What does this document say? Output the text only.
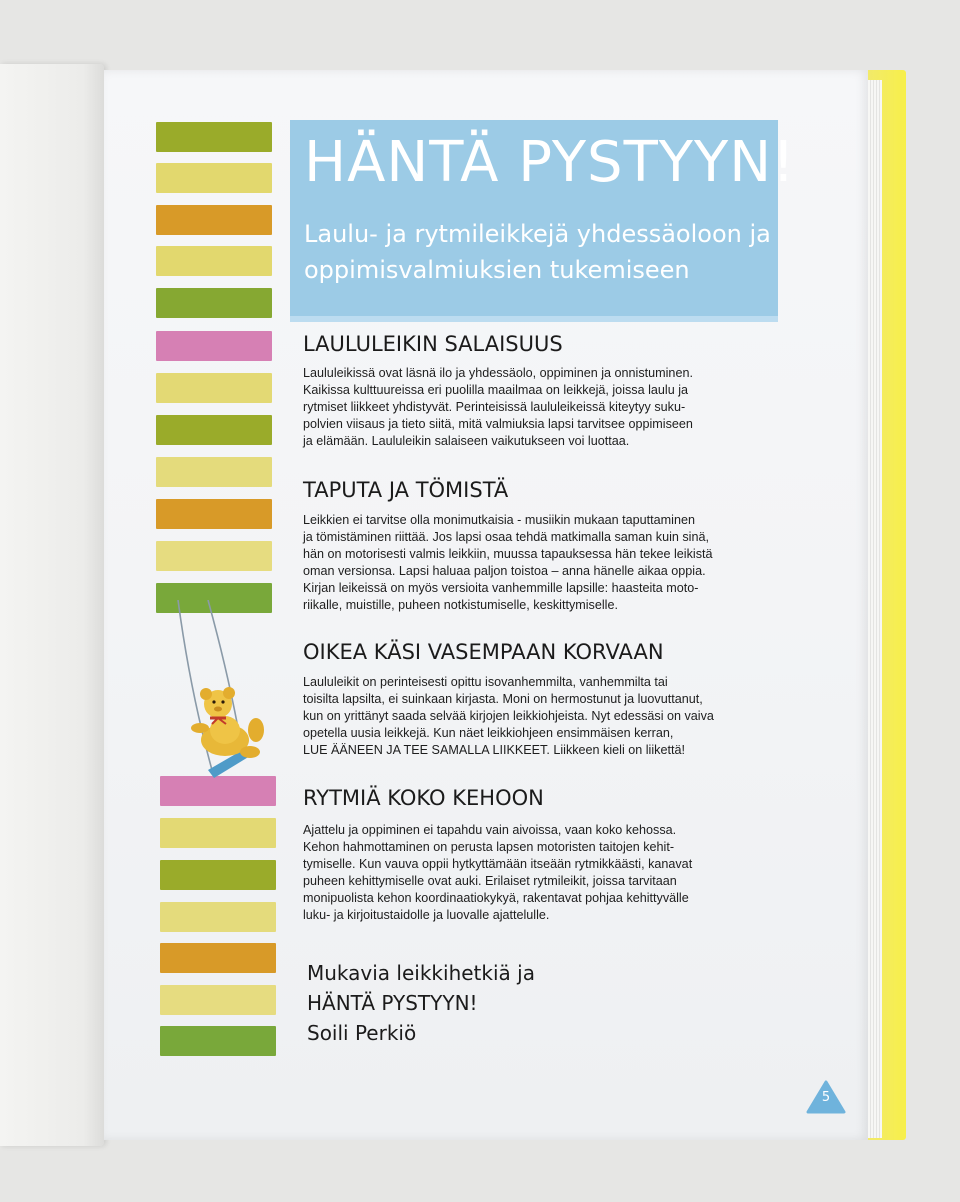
HÄNTÄ PYSTYYN!
Laulu- ja rytmileikkejä yhdessäoloon ja oppimisvalmiuksien tukemiseen
LAULULEIKIN SALAISUUS
Laululeikissä ovat läsnä ilo ja yhdessäolo, oppiminen ja onnistuminen.
Kaikissa kulttuureissa eri puolilla maailmaa on leikkejä, joissa laulu ja
rytmiset liikkeet yhdistyvät. Perinteisissä laululeikeissä kiteytyy suku-
polvien viisaus ja tieto siitä, mitä valmiuksia lapsi tarvitsee oppimiseen
ja elämään. Laululeikin salaiseen vaikutukseen voi luottaa.
TAPUTA JA TÖMISTÄ
Leikkien ei tarvitse olla monimutkaisia - musiikin mukaan taputtaminen
ja tömistäminen riittää. Jos lapsi osaa tehdä matkimalla saman kuin sinä,
hän on motorisesti valmis leikkiin, muussa tapauksessa hän tekee leikistä
oman versionsa. Lapsi haluaa paljon toistoa – anna hänelle aikaa oppia.
Kirjan leikeissä on myös versioita vanhemmille lapsille: haasteita moto-
riikalle, muistille, puheen notkistumiselle, keskittymiselle.
OIKEA KÄSI VASEMPAAN KORVAAN
Laululeikit on perinteisesti opittu isovanhemmilta, vanhemmilta tai
toisilta lapsilta, ei suinkaan kirjasta. Moni on hermostunut ja luovuttanut,
kun on yrittänyt saada selvää kirjojen leikkiohjeista. Nyt edessäsi on vaiva
opetella uusia leikkejä. Kun näet leikkiohjeen ensimmäisen kerran,
LUE ÄÄNEEN JA TEE SAMALLA LIIKKEET. Liikkeen kieli on liikettä!
RYTMIÄ KOKO KEHOON
Ajattelu ja oppiminen ei tapahdu vain aivoissa, vaan koko kehossa.
Kehon hahmottaminen on perusta lapsen motoristen taitojen kehit-
tymiselle. Kun vauva oppii hytkyttämään itseään rytmikkäästi, kanavat
puheen kehittymiselle ovat auki. Erilaiset rytmileikit, joissa tarvitaan
monipuolista kehon koordinaatiokykyä, rakentavat pohjaa kehittyvälle
luku- ja kirjoitustaidolle ja luovalle ajattelulle.
Mukavia leikkihetkiä ja
HÄNTÄ PYSTYYN!
Soili Perkiö
5
